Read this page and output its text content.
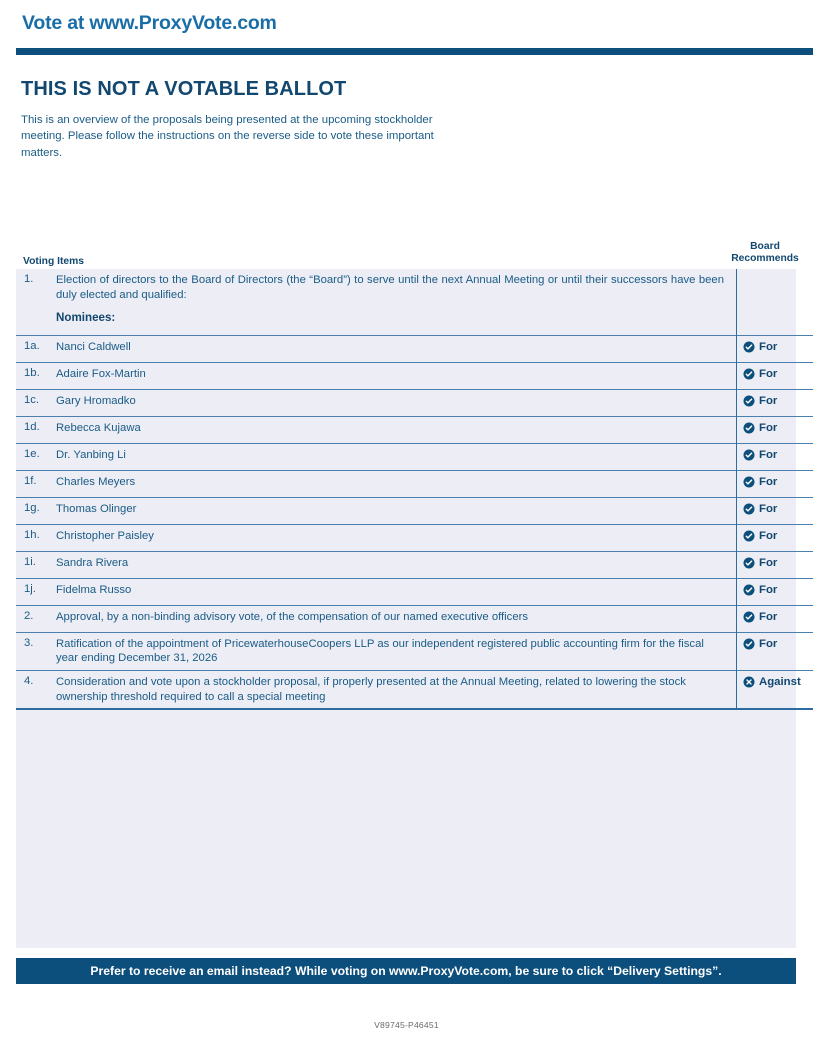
Vote at www.ProxyVote.com
THIS IS NOT A VOTABLE BALLOT
This is an overview of the proposals being presented at the upcoming stockholder meeting. Please follow the instructions on the reverse side to vote these important matters.
Voting Items
Board
Recommends
1.	Election of directors to the Board of Directors (the “Board”) to serve until the next Annual Meeting or until their successors have been duly elected and qualified:
Nominees:	

1a.	Nanci Caldwell	For

1b.	Adaire Fox-Martin	For

1c.	Gary Hromadko	For

1d.	Rebecca Kujawa	For

1e.	Dr. Yanbing Li	For

1f.	Charles Meyers	For

1g.	Thomas Olinger	For

1h.	Christopher Paisley	For

1i.	Sandra Rivera	For

1j.	Fidelma Russo	For

2.	Approval, by a non-binding advisory vote, of the compensation of our named executive officers	For

3.	Ratification of the appointment of PricewaterhouseCoopers LLP as our independent registered public accounting firm for the fiscal year ending December 31, 2026	For

4.	Consideration and vote upon a stockholder proposal, if properly presented at the Annual Meeting, related to lowering the stock ownership threshold required to call a special meeting	Against
Prefer to receive an email instead? While voting on www.ProxyVote.com, be sure to click “Delivery Settings”.
V89745-P46451
